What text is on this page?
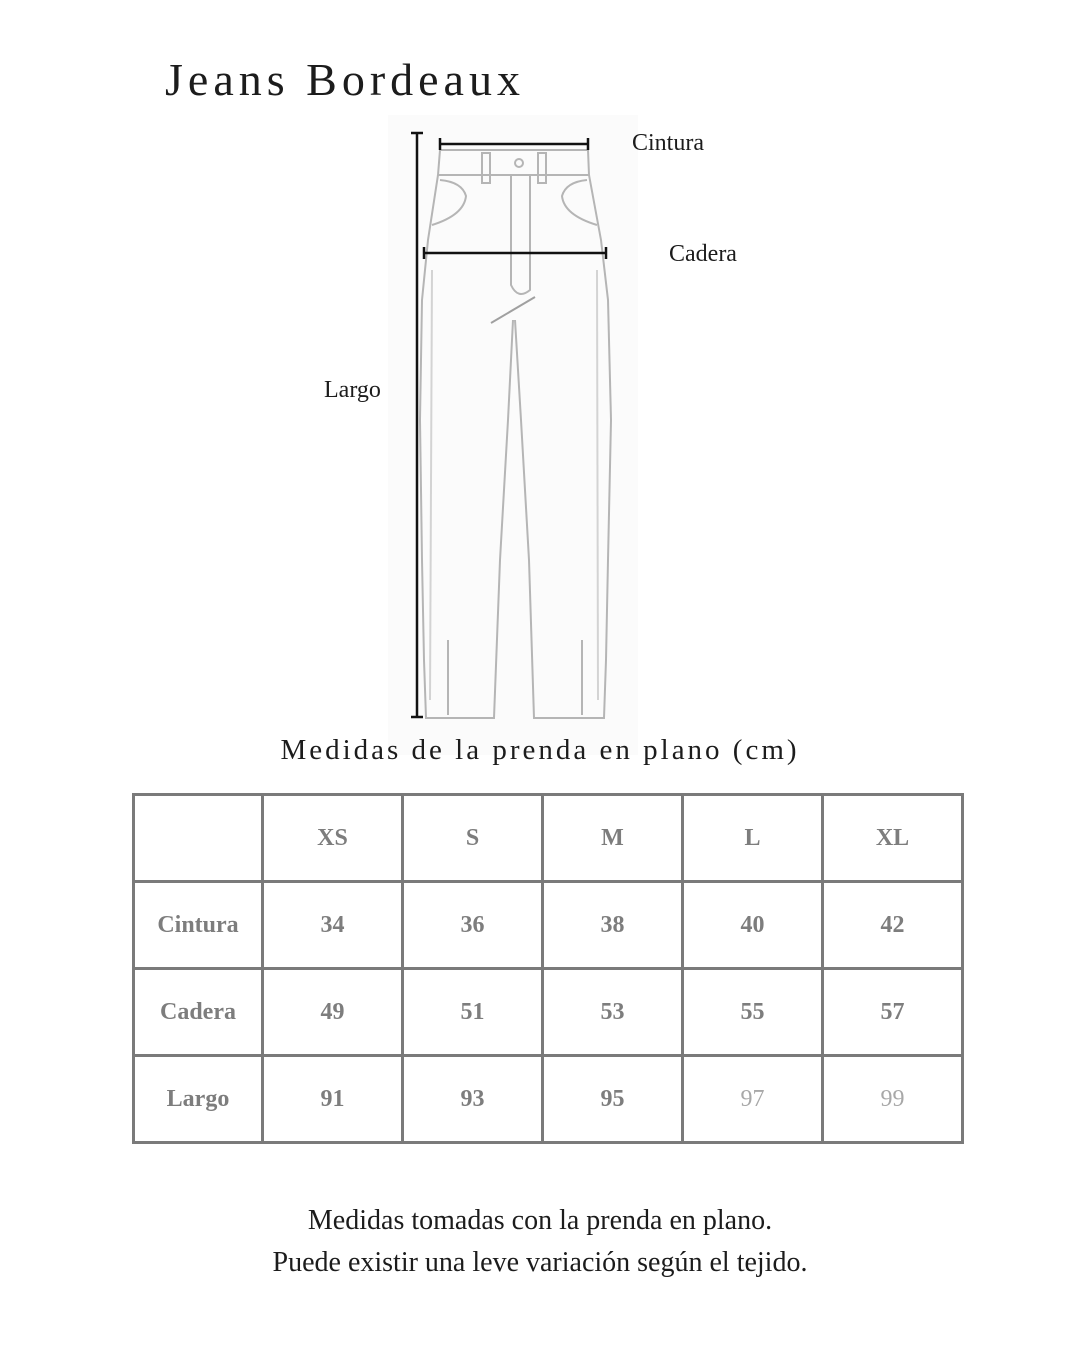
Jeans Bordeaux
Cintura
Cadera
Largo
Medidas de la prenda en plano (cm)
	XS	S	M	L	XL
Cintura	34	36	38	40	42
Cadera	49	51	53	55	57
Largo	91	93	95	97	99
Medidas tomadas con la prenda en plano.
Puede existir una leve variación según el tejido.
